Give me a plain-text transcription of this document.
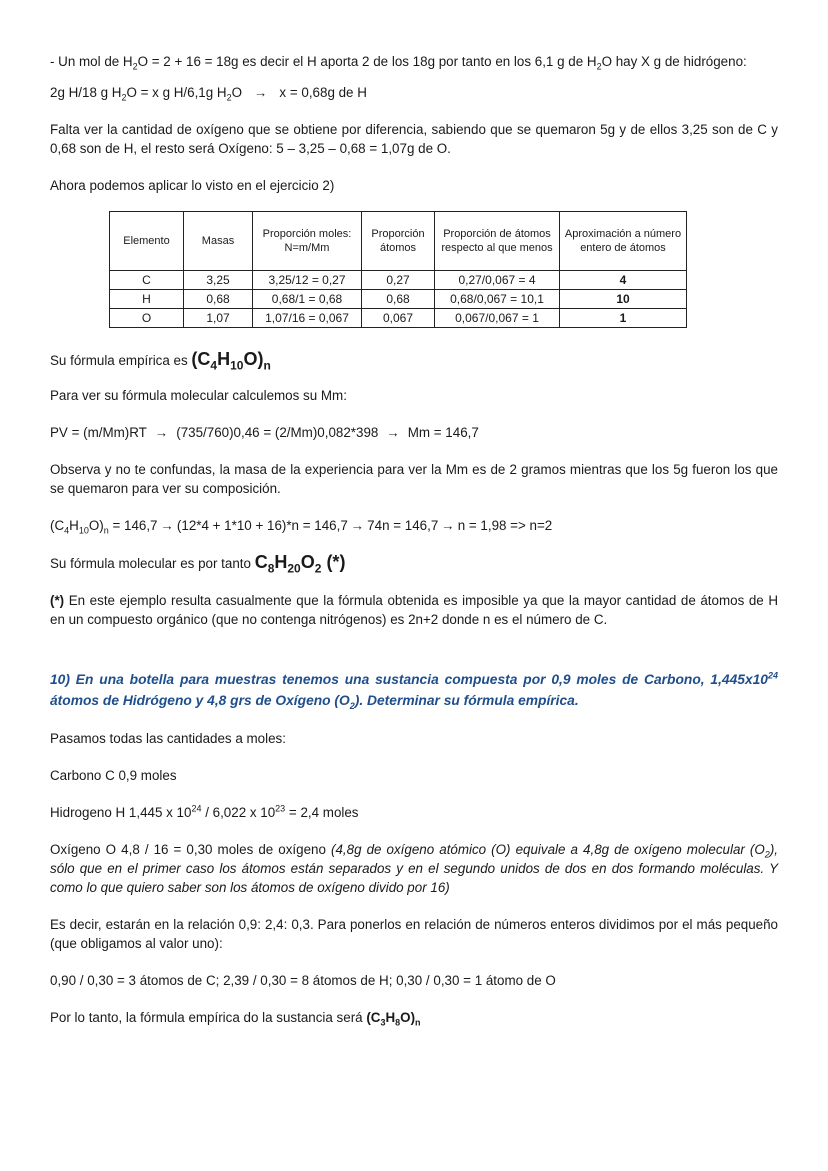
- Un mol de $H_2O = 2 + 16 = 18g$ es decir el H aporta 2 de los 18g por tanto en los 6,1 g de $H_2O$ hay X g de hidrógeno:

2g H/18 g $H_2O = x$ g H/6,1g $H_2O \to x = 0,68g$ de H

Falta ver la cantidad de oxígeno que se obtiene por diferencia, sabiendo que se quemaron 5g y de ellos 3,25 son de C y 0,68 son de H, el resto será Oxígeno: 5 – 3,25 – 0,68 = 1,07g de O.

Ahora podemos aplicar lo visto en el ejercicio 2)

Elemento	Masas	Proporción moles: N=m/Mm	Proporción átomos	Proporción de átomos respecto al que menos	Aproximación a número entero de átomos
C	3,25	3,25/12 = 0,27	0,27	0,27/0,067 = 4	4
H	0,68	0,68/1 = 0,68	0,68	0,68/0,067 = 10,1	10
O	1,07	1,07/16 = 0,067	0,067	0,067/0,067 = 1	1

Su fórmula empírica es $(C_4H_{10}O)_n$

Para ver su fórmula molecular calculemos su Mm:

PV = (m/Mm)RT → (735/760)0,46 = (2/Mm)0,082*398 → Mm = 146,7

Observa y no te confundas, la masa de la experiencia para ver la Mm es de 2 gramos mientras que los 5g fueron los que se quemaron para ver su composición.

$(C_4H_{10}O)_n = 146,7 \to (12*4 + 1*10 + 16)*n = 146,7 \to 74n = 146,7 \to n = 1,98 => n=2$

Su fórmula molecular es por tanto $C_8H_{20}O_2$ (*)

(*) En este ejemplo resulta casualmente que la fórmula obtenida es imposible ya que la mayor cantidad de átomos de H en un compuesto orgánico (que no contenga nitrógenos) es 2n+2 donde n es el número de C.

10) En una botella para muestras tenemos una sustancia compuesta por 0,9 moles de Carbono, $1,445x10^{24}$ átomos de Hidrógeno y 4,8 grs de Oxígeno $(O_2)$. Determinar su fórmula empírica.

Pasamos todas las cantidades a moles:

Carbono C 0,9 moles

Hidrogeno H 1,445 x $10^{24} / 6,022$ x $10^{23} = 2,4$ moles

Oxígeno O 4,8 / 16 = 0,30 moles de oxígeno (4,8g de oxígeno atómico (O) equivale a 4,8g de oxígeno molecular $(O_2)$, sólo que en el primer caso los átomos están separados y en el segundo unidos de dos en dos formando moléculas. Y como lo que quiero saber son los átomos de oxígeno divido por 16)

Es decir, estarán en la relación 0,9: 2,4: 0,3. Para ponerlos en relación de números enteros dividimos por el más pequeño (que obligamos al valor uno):

0,90 / 0,30 = 3 átomos de C; 2,39 / 0,30 = 8 átomos de H; 0,30 / 0,30 = 1 átomo de O

Por lo tanto, la fórmula empírica do la sustancia será $(C_3H_8O)_n$
